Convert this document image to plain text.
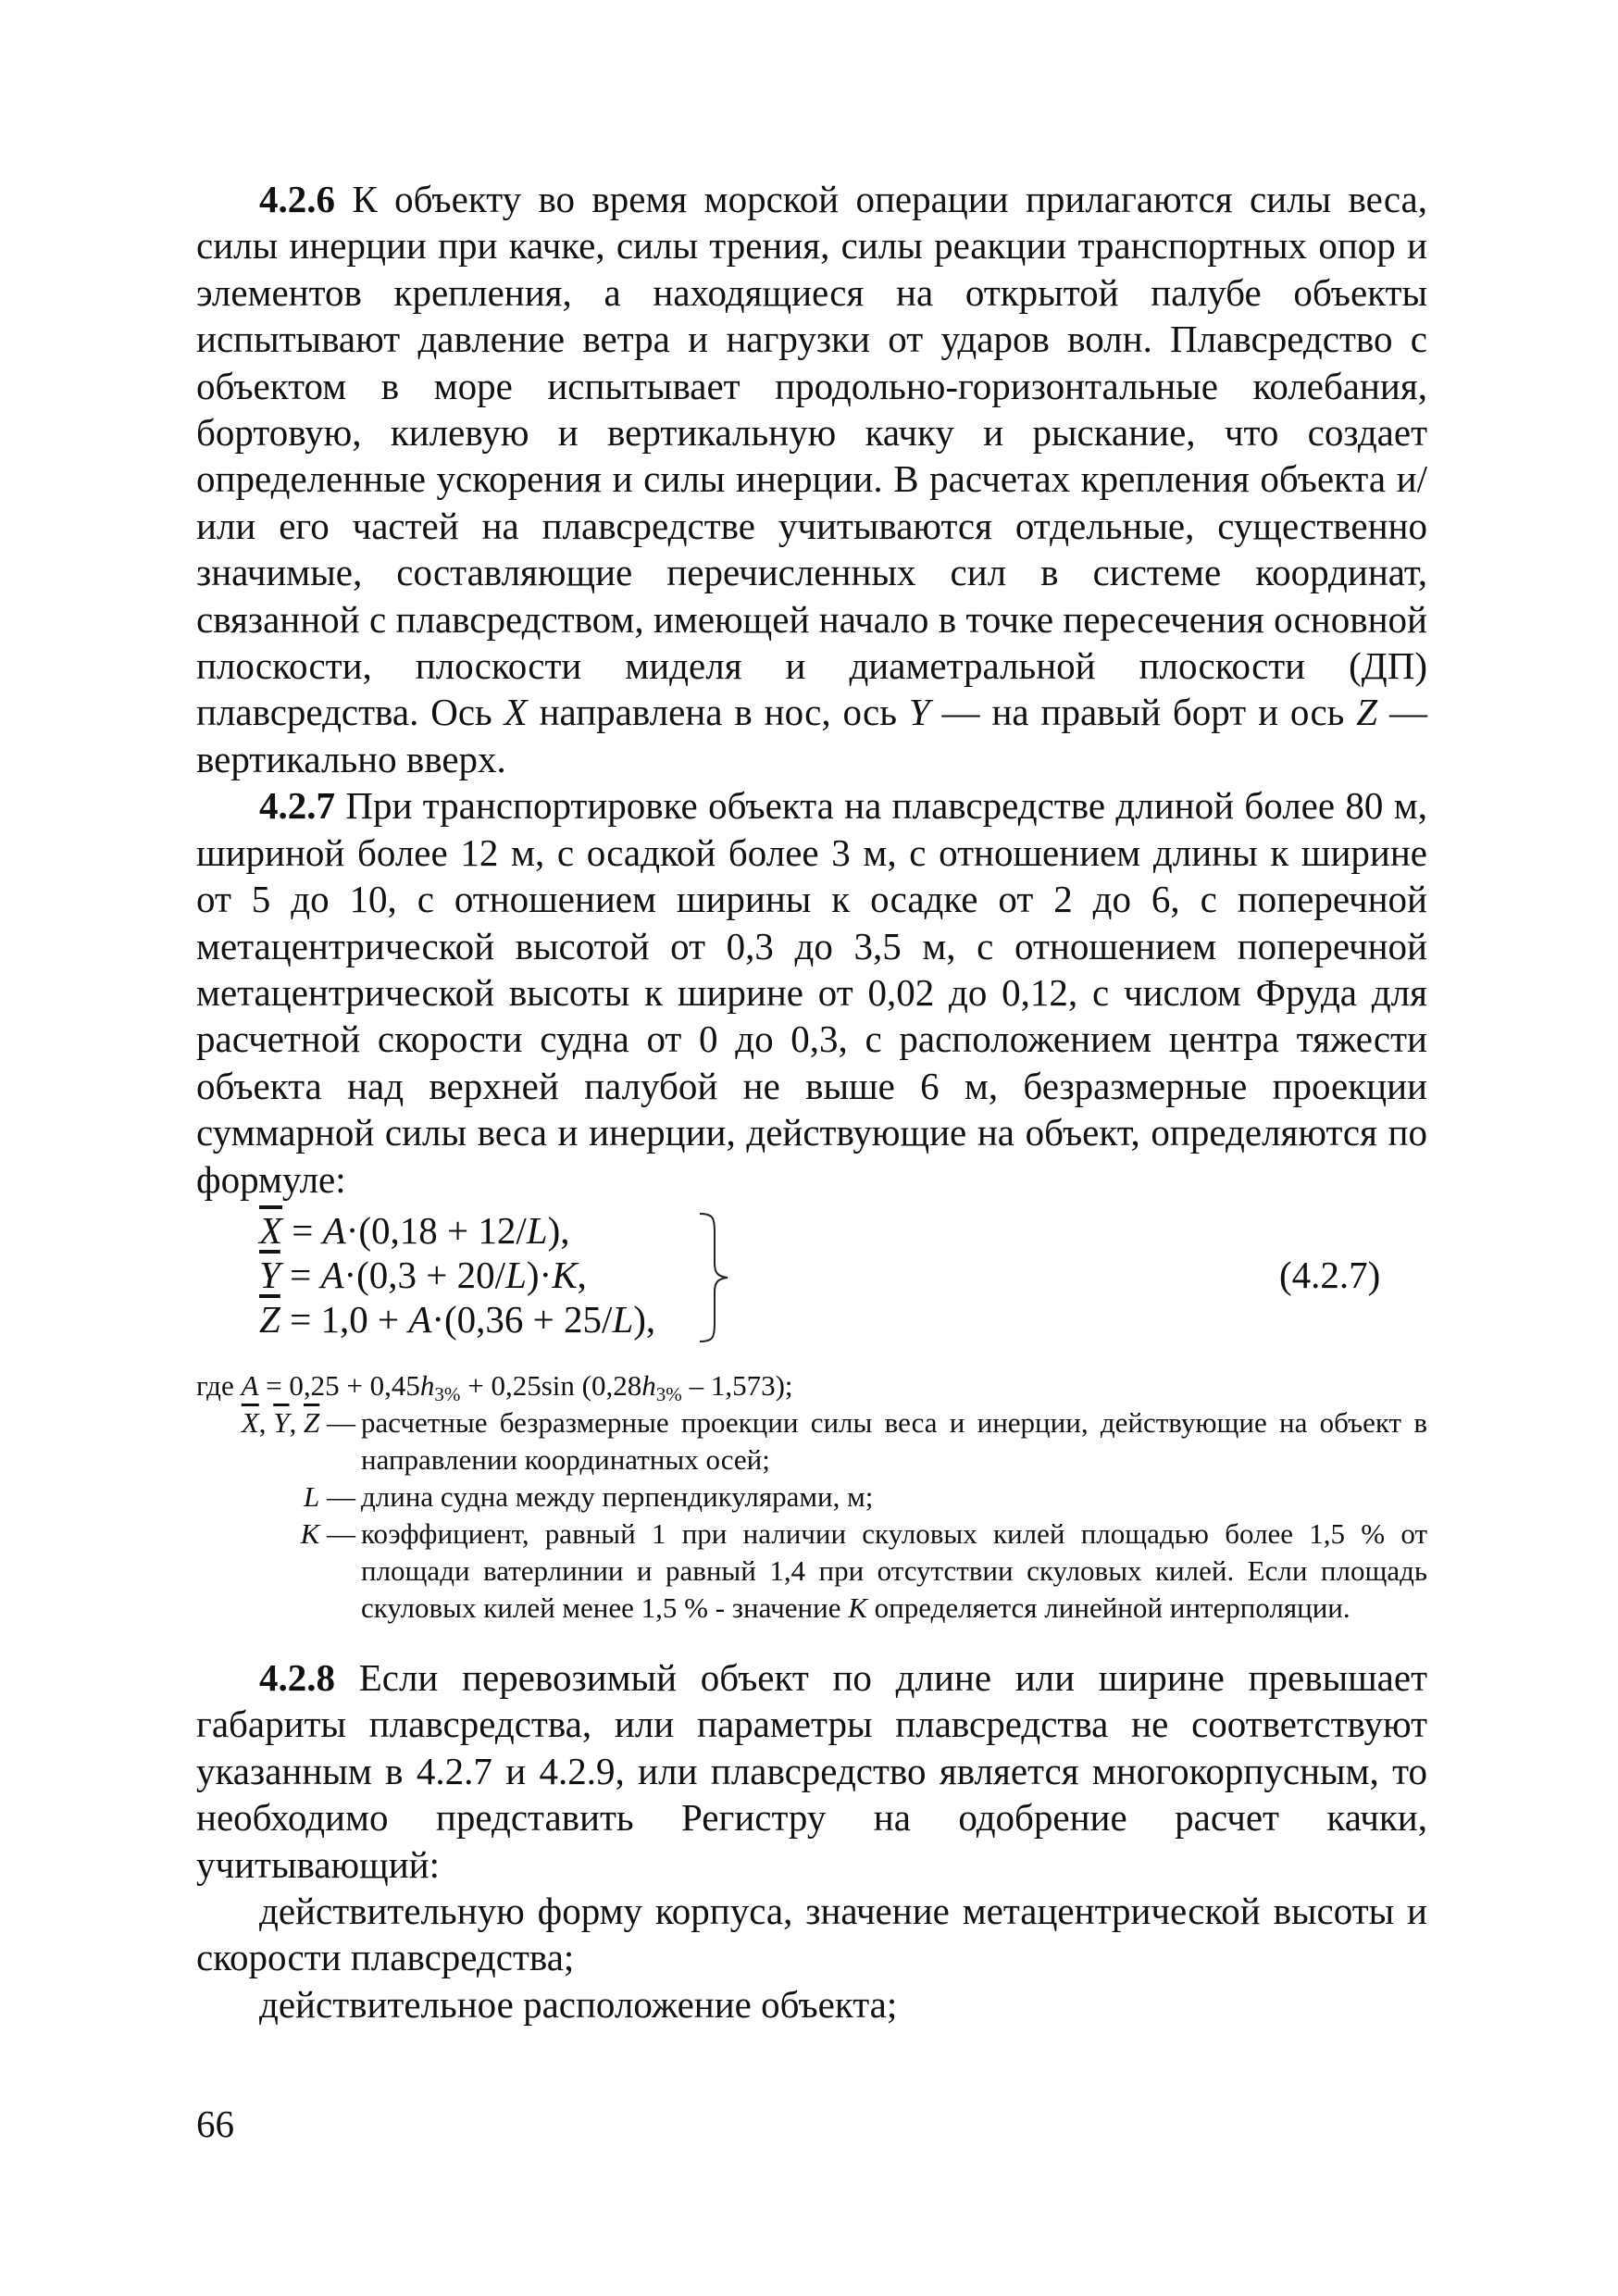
4.2.6 К объекту во время морской операции прилагаются силы веса, силы инерции при качке, силы трения, силы реакции транспортных опор и элементов крепления, а находящиеся на открытой палубе объекты испытывают давление ветра и нагрузки от ударов волн. Плавсредство с объектом в море испытывает продольно-горизонтальные колебания, бортовую, килевую и вертикальную качку и рыскание, что создает определенные ускорения и силы инерции. В расчетах крепления объекта и/или его частей на плавсредстве учитываются отдельные, существенно значимые, составляющие перечисленных сил в системе координат, связанной с плавсредством, имеющей начало в точке пересечения основной плоскости, плоскости миделя и диаметральной плоскости (ДП) плавсредства. Ось X направлена в нос, ось Y — на правый борт и ось Z — вертикально вверх.

4.2.7 При транспортировке объекта на плавсредстве длиной более 80 м, шириной более 12 м, с осадкой более 3 м, с отношением длины к ширине от 5 до 10, с отношением ширины к осадке от 2 до 6, с поперечной метацентрической высотой от 0,3 до 3,5 м, с отношением поперечной метацентрической высоты к ширине от 0,02 до 0,12, с числом Фруда для расчетной скорости судна от 0 до 0,3, с расположением центра тяжести объекта над верхней палубой не выше 6 м, безразмерные проекции суммарной силы веса и инерции, действующие на объект, определяются по формуле:

$\overline{X} = A\cdot(0,18 + 12/L)$,
$\overline{Y} = A\cdot(0,3 + 20/L)\cdot K$,
$\overline{Z} = 1,0 + A\cdot(0,36 + 25/L)$,
(4.2.7)
где $A = 0,25 + 0,45h_{3\%} + 0,25\sin$ $(0,28h_{3\%} - 1,573)$;
$\overline{X}$, $\overline{Y}$, $\overline{Z}$ — расчетные безразмерные проекции силы веса и инерции, действующие на объект в направлении координатных осей;
L — длина судна между перпендикулярами, м;
K — коэффициент, равный 1 при наличии скуловых килей площадью более 1,5 % от площади ватерлинии и равный 1,4 при отсутствии скуловых килей. Если площадь скуловых килей менее 1,5 % - значение K определяется линейной интерполяции.

4.2.8 Если перевозимый объект по длине или ширине превышает габариты плавсредства, или параметры плавсредства не соответствуют указанным в 4.2.7 и 4.2.9, или плавсредство является многокорпусным, то необходимо представить Регистру на одобрение расчет качки, учитывающий:

действительную форму корпуса, значение метацентрической высоты и скорости плавсредства;

действительное расположение объекта;

66
